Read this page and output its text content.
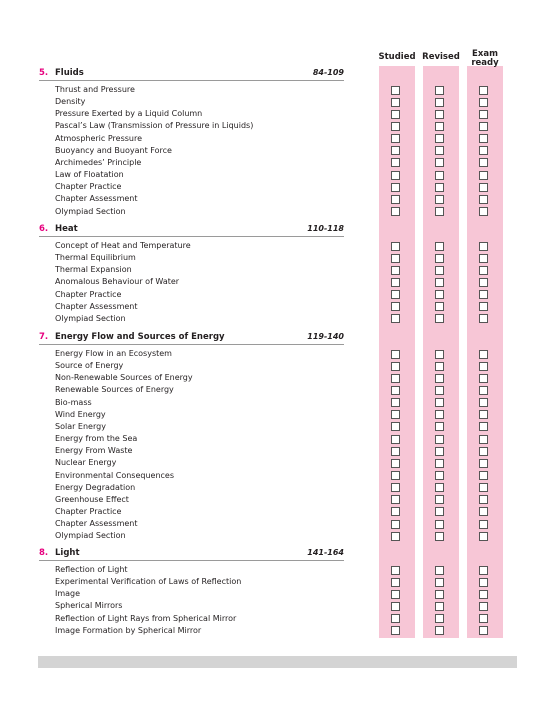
Studied Revised	Exam ready
5. Fluids	84-109
Thrust and Pressure
Density
Pressure Exerted by a Liquid Column
Pascal’s Law (Transmission of Pressure in Liquids)
Atmospheric Pressure
Buoyancy and Buoyant Force
Archimedes’ Principle
Law of Floatation
Chapter Practice
Chapter Assessment
Olympiad Section
6. Heat	110-118
Concept of Heat and Temperature
Thermal Equilibrium
Thermal Expansion
Anomalous Behaviour of Water
Chapter Practice
Chapter Assessment
Olympiad Section
7. Energy Flow and Sources of Energy	119-140
Energy Flow in an Ecosystem
Source of Energy
Non-Renewable Sources of Energy
Renewable Sources of Energy
Bio-mass
Wind Energy
Solar Energy
Energy from the Sea
Energy From Waste
Nuclear Energy
Environmental Consequences
Energy Degradation
Greenhouse Effect
Chapter Practice
Chapter Assessment
Olympiad Section
8. Light	141-164
Reflection of Light
Experimental Verification of Laws of Reflection
Image
Spherical Mirrors
Reflection of Light Rays from Spherical Mirror
Image Formation by Spherical Mirror
